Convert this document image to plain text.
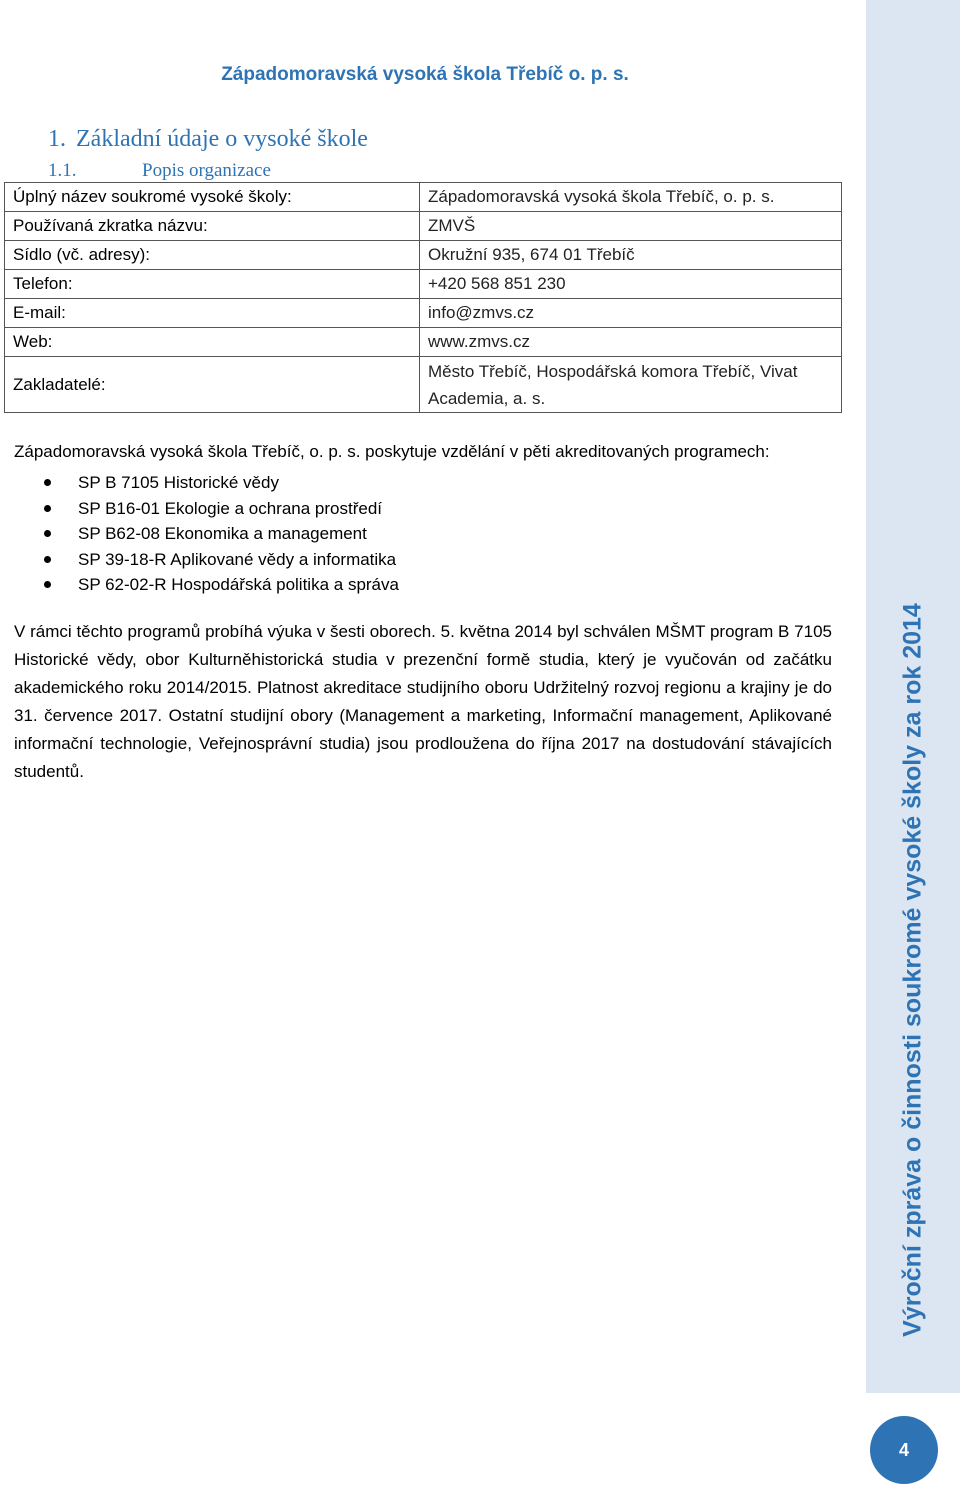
Západomoravská vysoká škola Třebíč o. p. s.
1. Základní údaje o vysoké škole
1.1.	Popis organizace
Úplný název soukromé vysoké školy:	Západomoravská vysoká škola Třebíč, o. p. s.
Používaná zkratka názvu:	ZMVŠ
Sídlo (vč. adresy):	Okružní 935, 674 01 Třebíč
Telefon:	+420 568 851 230
E-mail:	info@zmvs.cz
Web:	www.zmvs.cz
Zakladatelé:	Město Třebíč, Hospodářská komora Třebíč, Vivat Academia, a. s.
Západomoravská vysoká škola Třebíč, o. p. s. poskytuje vzdělání v pěti akreditovaných programech:
SP B 7105 Historické vědy
SP B16-01 Ekologie a ochrana prostředí
SP B62-08 Ekonomika a management
SP 39-18-R Aplikované vědy a informatika
SP 62-02-R Hospodářská politika a správa
V rámci těchto programů probíhá výuka v šesti oborech. 5. května 2014 byl schválen MŠMT program B 7105 Historické vědy, obor Kulturněhistorická studia v prezenční formě studia, který je vyučován od začátku akademického roku 2014/2015. Platnost akreditace studijního oboru Udržitelný rozvoj regionu a krajiny je do 31. července 2017. Ostatní studijní obory (Management a marketing, Informační management, Aplikované informační technologie, Veřejnosprávní studia) jsou prodloužena do října 2017 na dostudování stávajících studentů.	Výroční zpráva o činnosti soukromé vysoké školy za rok 2014
4
